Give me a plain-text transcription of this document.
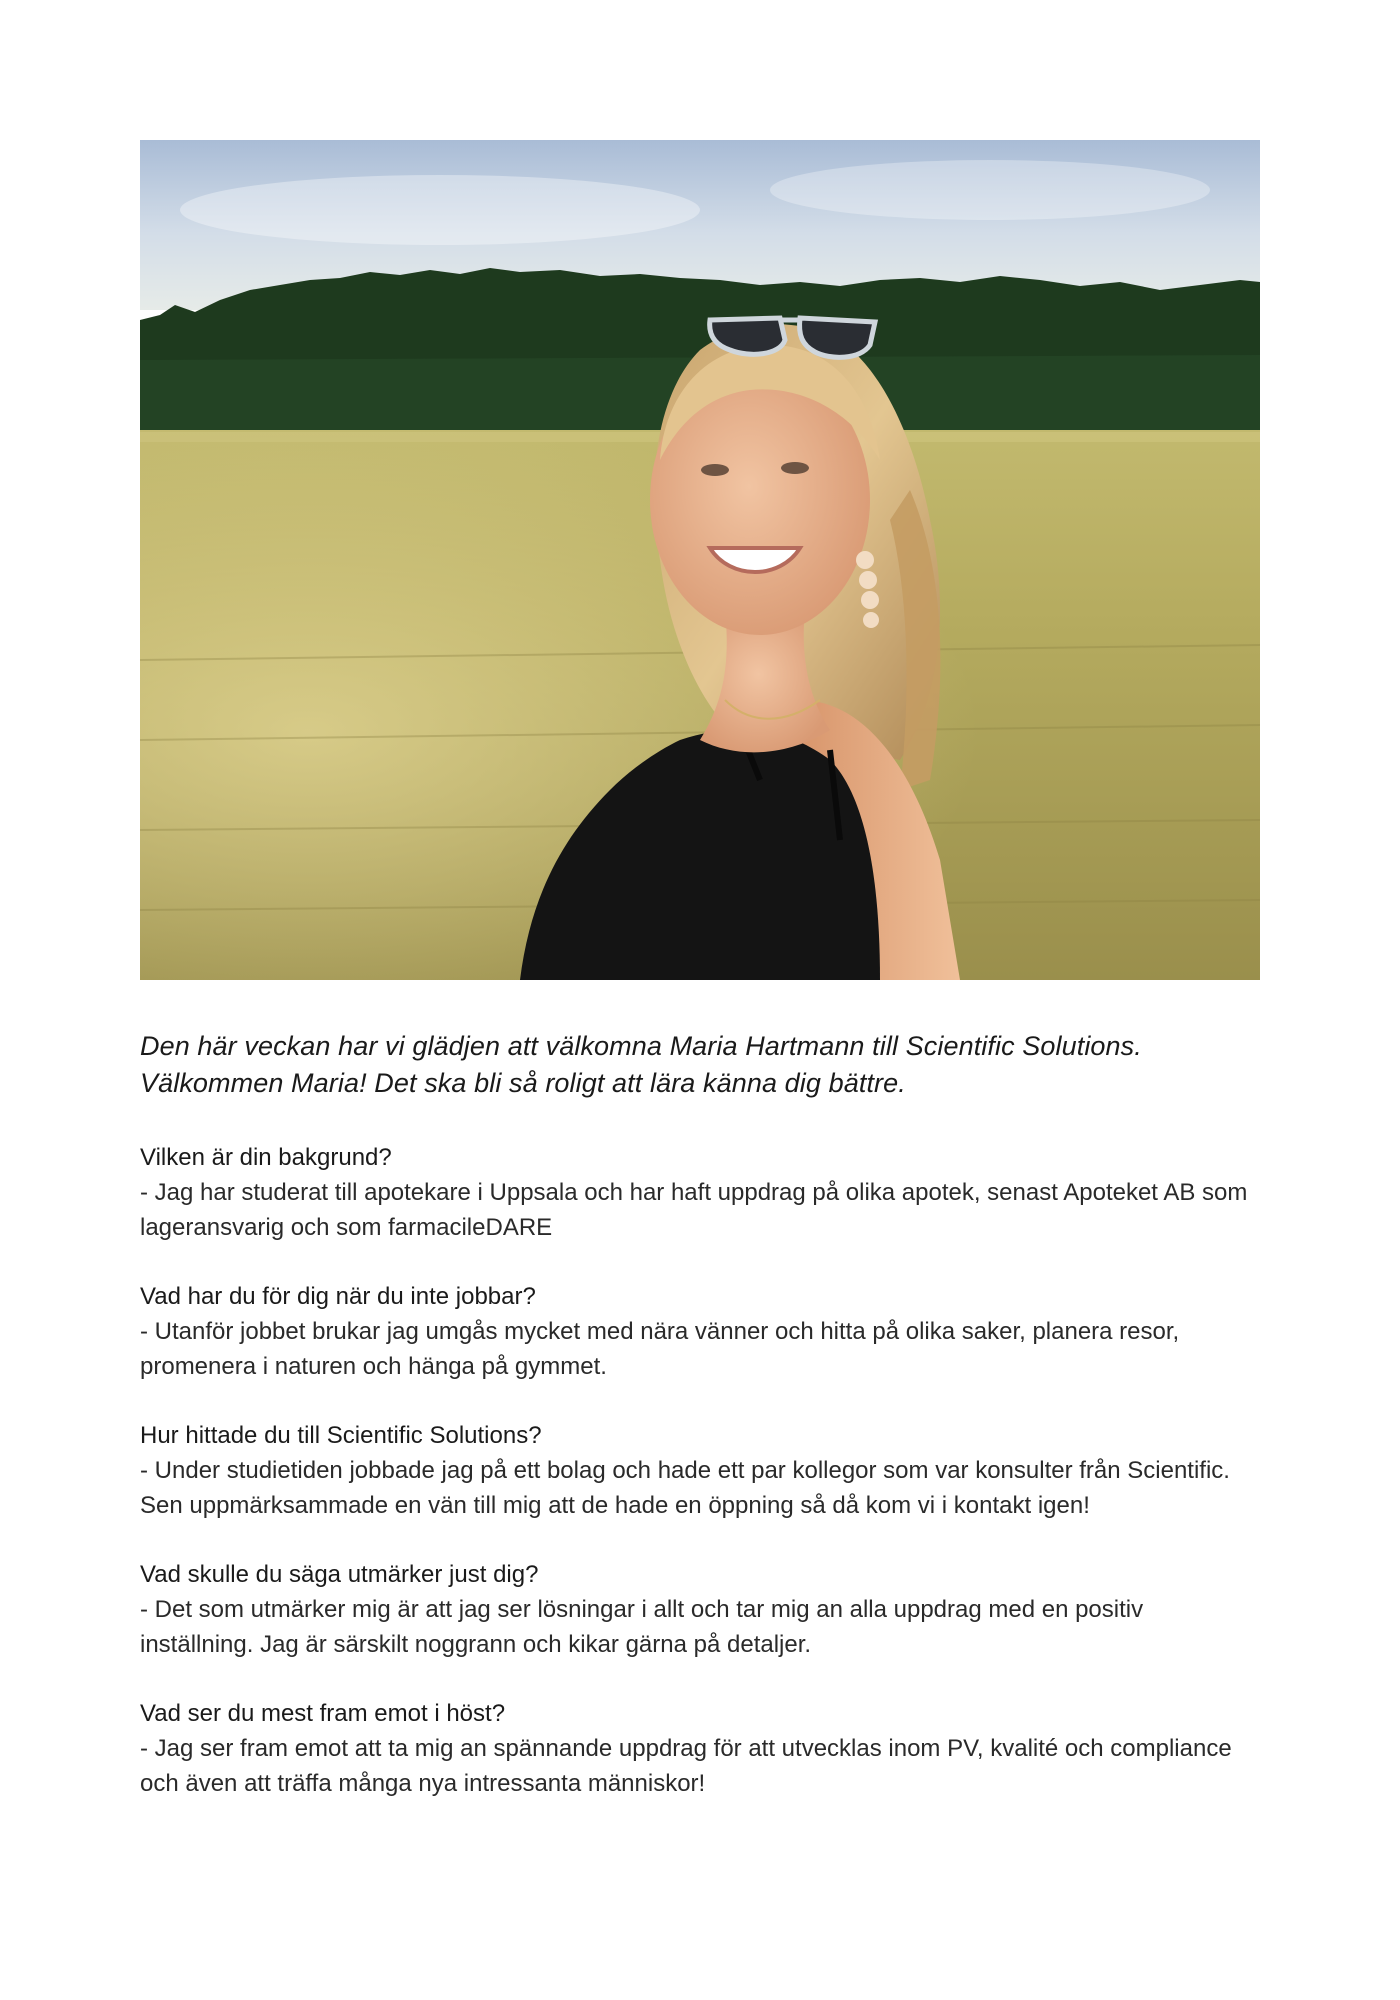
Den här veckan har vi glädjen att välkomna Maria Hartmann till Scientific Solutions. Välkommen Maria! Det ska bli så roligt att lära känna dig bättre.

Vilken är din bakgrund?

- Jag har studerat till apotekare i Uppsala och har haft uppdrag på olika apotek, senast Apoteket AB som lageransvarig och som farmacileDARE

Vad har du för dig när du inte jobbar?

- Utanför jobbet brukar jag umgås mycket med nära vänner och hitta på olika saker, planera resor, promenera i naturen och hänga på gymmet.

Hur hittade du till Scientific Solutions?

- Under studietiden jobbade jag på ett bolag och hade ett par kollegor som var konsulter från Scientific. Sen uppmärksammade en vän till mig att de hade en öppning så då kom vi i kontakt igen!

Vad skulle du säga utmärker just dig?

- Det som utmärker mig är att jag ser lösningar i allt och tar mig an alla uppdrag med en positiv inställning. Jag är särskilt noggrann och kikar gärna på detaljer.

Vad ser du mest fram emot i höst?

- Jag ser fram emot att ta mig an spännande uppdrag för att utvecklas inom PV, kvalité och compliance och även att träffa många nya intressanta människor!
